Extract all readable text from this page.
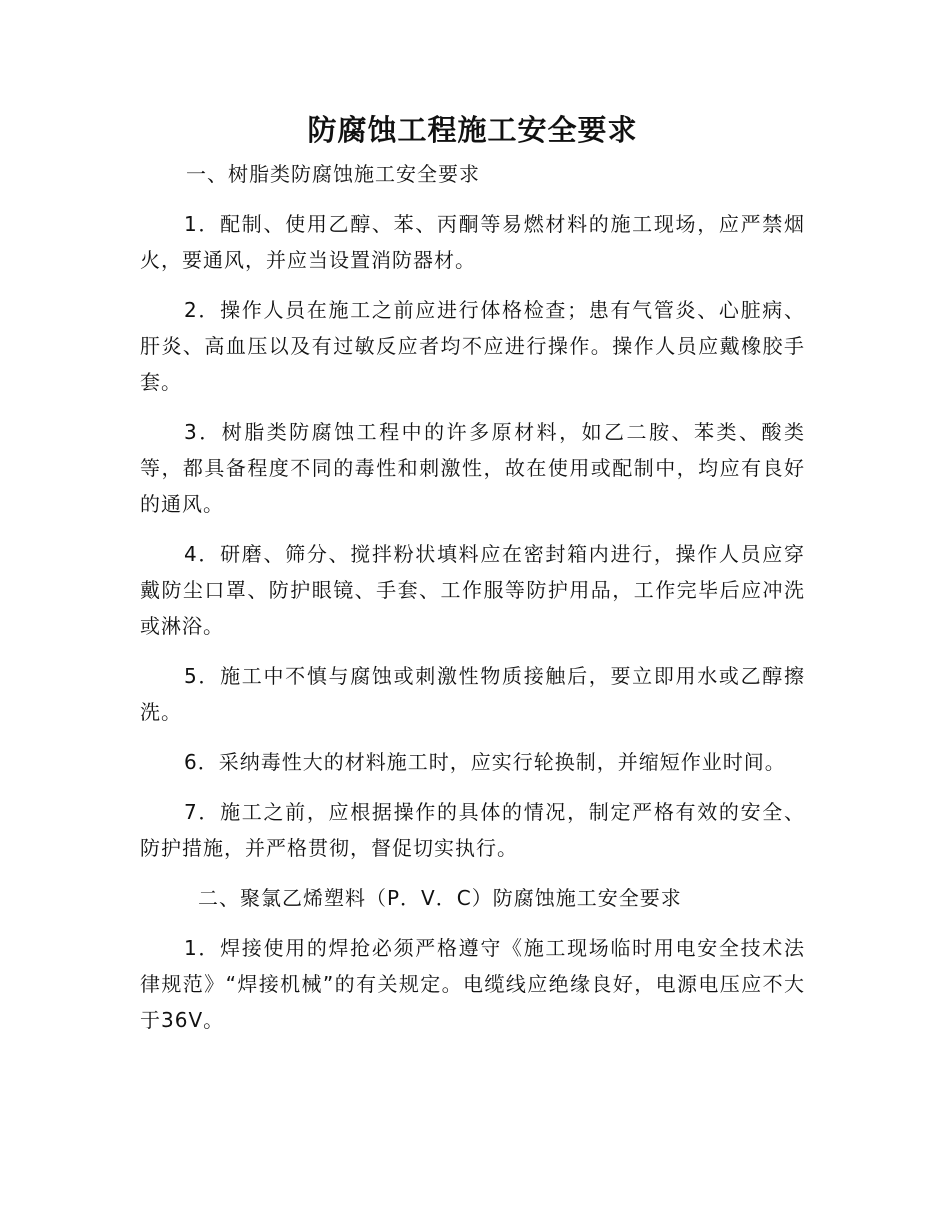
防腐蚀工程施工安全要求

一、树脂类防腐蚀施工安全要求

1．配制、使用乙醇、苯、丙酮等易燃材料的施工现场，应严禁烟火，要通风，并应当设置消防器材。

2．操作人员在施工之前应进行体格检查；患有气管炎、心脏病、肝炎、高血压以及有过敏反应者均不应进行操作。操作人员应戴橡胶手套。

3．树脂类防腐蚀工程中的许多原材料，如乙二胺、苯类、酸类等，都具备程度不同的毒性和刺激性，故在使用或配制中，均应有良好的通风。

4．研磨、筛分、搅拌粉状填料应在密封箱内进行，操作人员应穿戴防尘口罩、防护眼镜、手套、工作服等防护用品，工作完毕后应冲洗或淋浴。

5．施工中不慎与腐蚀或刺激性物质接触后，要立即用水或乙醇擦洗。

6．采纳毒性大的材料施工时，应实行轮换制，并缩短作业时间。

7．施工之前，应根据操作的具体的情况，制定严格有效的安全、防护措施，并严格贯彻，督促切实执行。

二、聚氯乙烯塑料（P．V．C）防腐蚀施工安全要求

1．焊接使用的焊抢必须严格遵守《施工现场临时用电安全技术法律规范》“焊接机械”的有关规定。电缆线应绝缘良好，电源电压应不大于36V。
